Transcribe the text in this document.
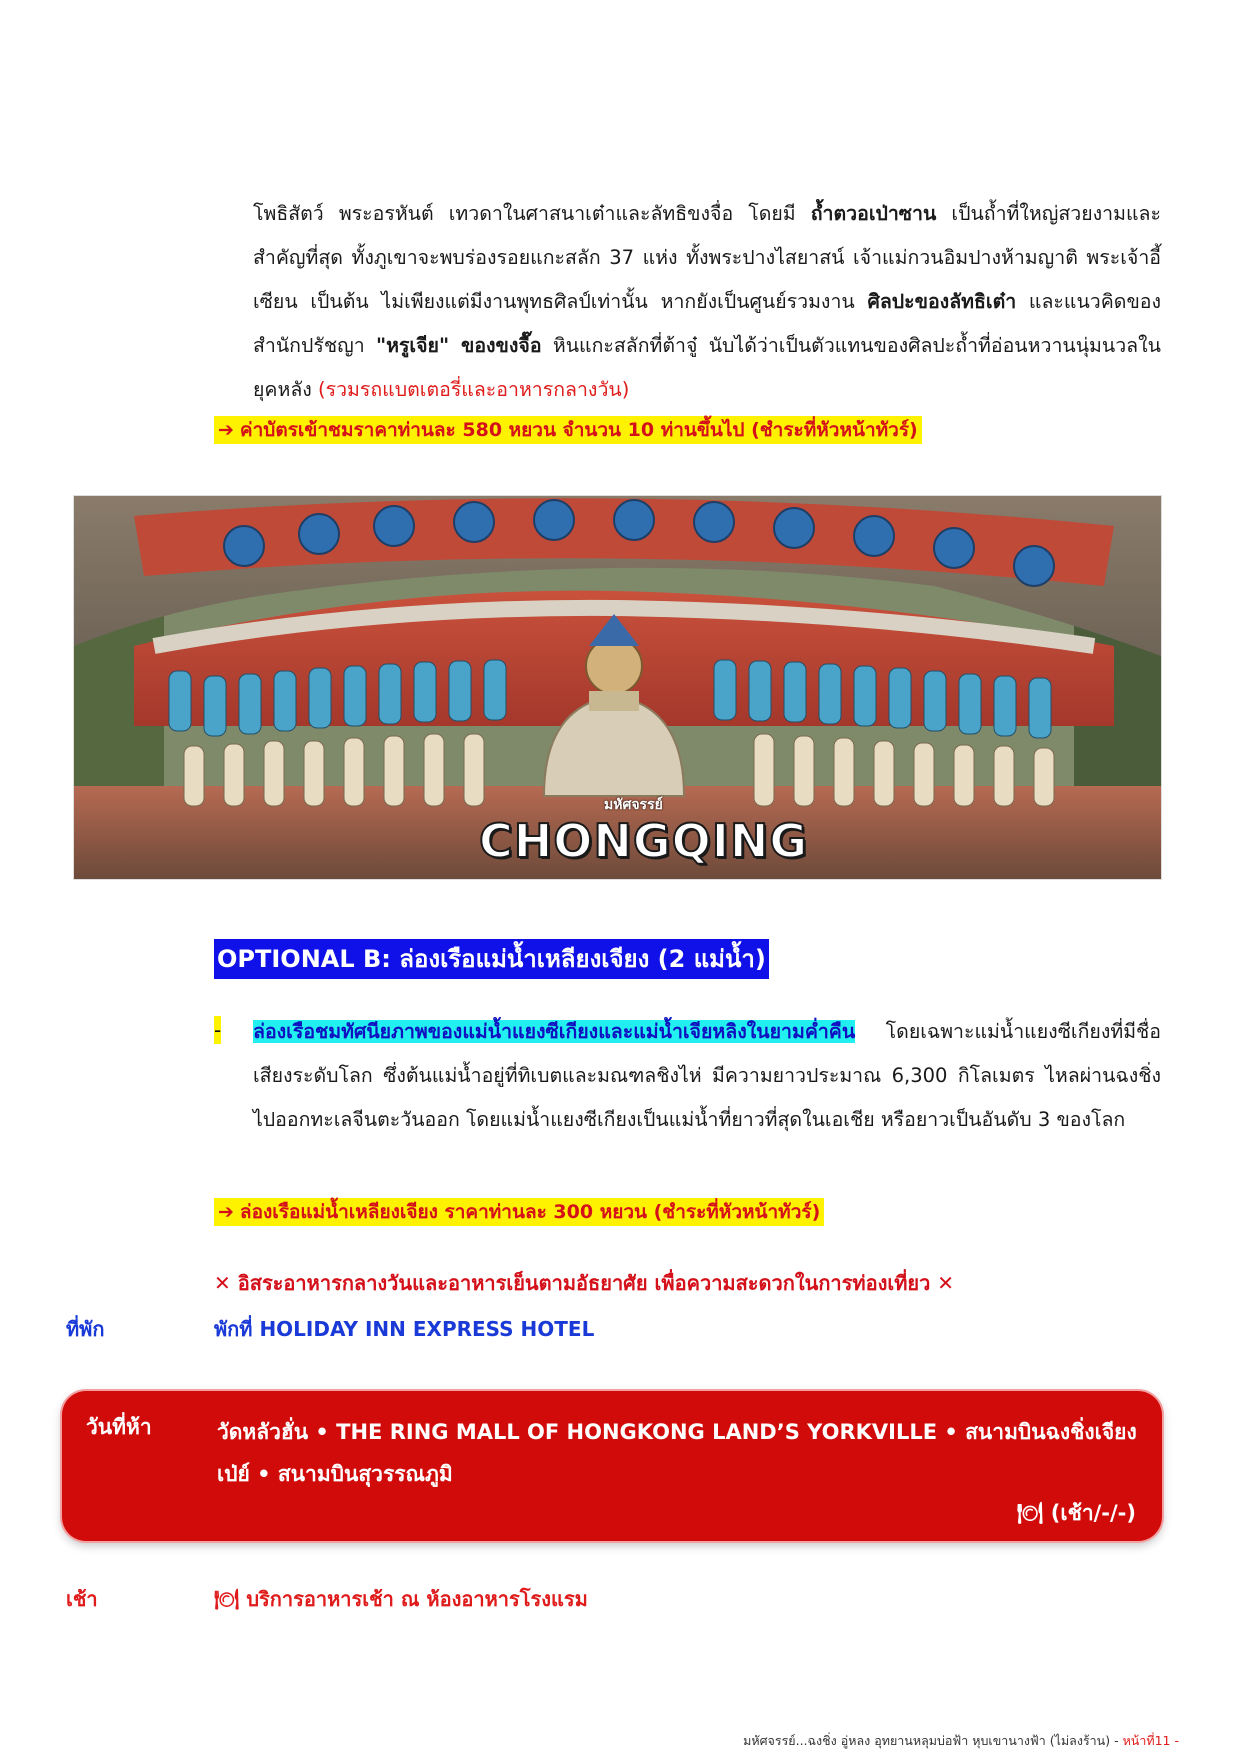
โพธิสัตว์ พระอรหันต์ เทวดาในศาสนาเต๋าและลัทธิขงจื่อ โดยมี ถ้ำตวอเป่าซาน เป็นถ้ำที่ใหญ่สวยงามและสำคัญที่สุด ทั้งภูเขาจะพบร่องรอยแกะสลัก 37 แห่ง ทั้งพระปางไสยาสน์ เจ้าแม่กวนอิมปางห้ามญาติ พระเจ้าอี้เซียน เป็นต้น ไม่เพียงแต่มีงานพุทธศิลป์เท่านั้น หากยังเป็นศูนย์รวมงาน ศิลปะของลัทธิเต๋า และแนวคิดของสำนักปรัชญา "หรูเจีย" ของขงจื๊อ หินแกะสลักที่ต้าจู๋ นับได้ว่าเป็นตัวแทนของศิลปะถ้ำที่อ่อนหวานนุ่มนวลในยุคหลัง (รวมรถแบตเตอรี่และอาหารกลางวัน)
➔ ค่าบัตรเข้าชมราคาท่านละ 580 หยวน จำนวน 10 ท่านขึ้นไป (ชำระที่หัวหน้าทัวร์)
มหัศจรรย์
CHONGQING
OPTIONAL B: ล่องเรือแม่น้ำเหลียงเจียง (2 แม่น้ำ)
- ล่องเรือชมทัศนียภาพของแม่น้ำแยงซีเกียงและแม่น้ำเจียหลิงในยามค่ำคืน โดยเฉพาะแม่น้ำแยงซีเกียงที่มีชื่อเสียงระดับโลก ซึ่งต้นแม่น้ำอยู่ที่ทิเบตและมณฑลชิงไห่ มีความยาวประมาณ 6,300 กิโลเมตร ไหลผ่านฉงชิ่งไปออกทะเลจีนตะวันออก โดยแม่น้ำแยงซีเกียงเป็นแม่น้ำที่ยาวที่สุดในเอเชีย หรือยาวเป็นอันดับ 3 ของโลก
➔ ล่องเรือแม่น้ำเหลียงเจียง ราคาท่านละ 300 หยวน (ชำระที่หัวหน้าทัวร์)
✕ อิสระอาหารกลางวันและอาหารเย็นตามอัธยาศัย เพื่อความสะดวกในการท่องเที่ยว ✕
ที่พัก	พักที่ HOLIDAY INN EXPRESS HOTEL
วันที่ห้า	วัดหลัวฮั่น • THE RING MALL OF HONGKONG LAND’S YORKVILLE • สนามบินฉงชิ่งเจียงเป่ย์ • สนามบินสุวรรณภูมิ
🍽 (เช้า/-/-)
เช้า	🍽 บริการอาหารเช้า ณ ห้องอาหารโรงแรม
มหัศจรรย์...ฉงชิ่ง อู่หลง อุทยานหลุมบ่อฟ้า หุบเขานางฟ้า (ไม่ลงร้าน) - หน้าที่11 -
